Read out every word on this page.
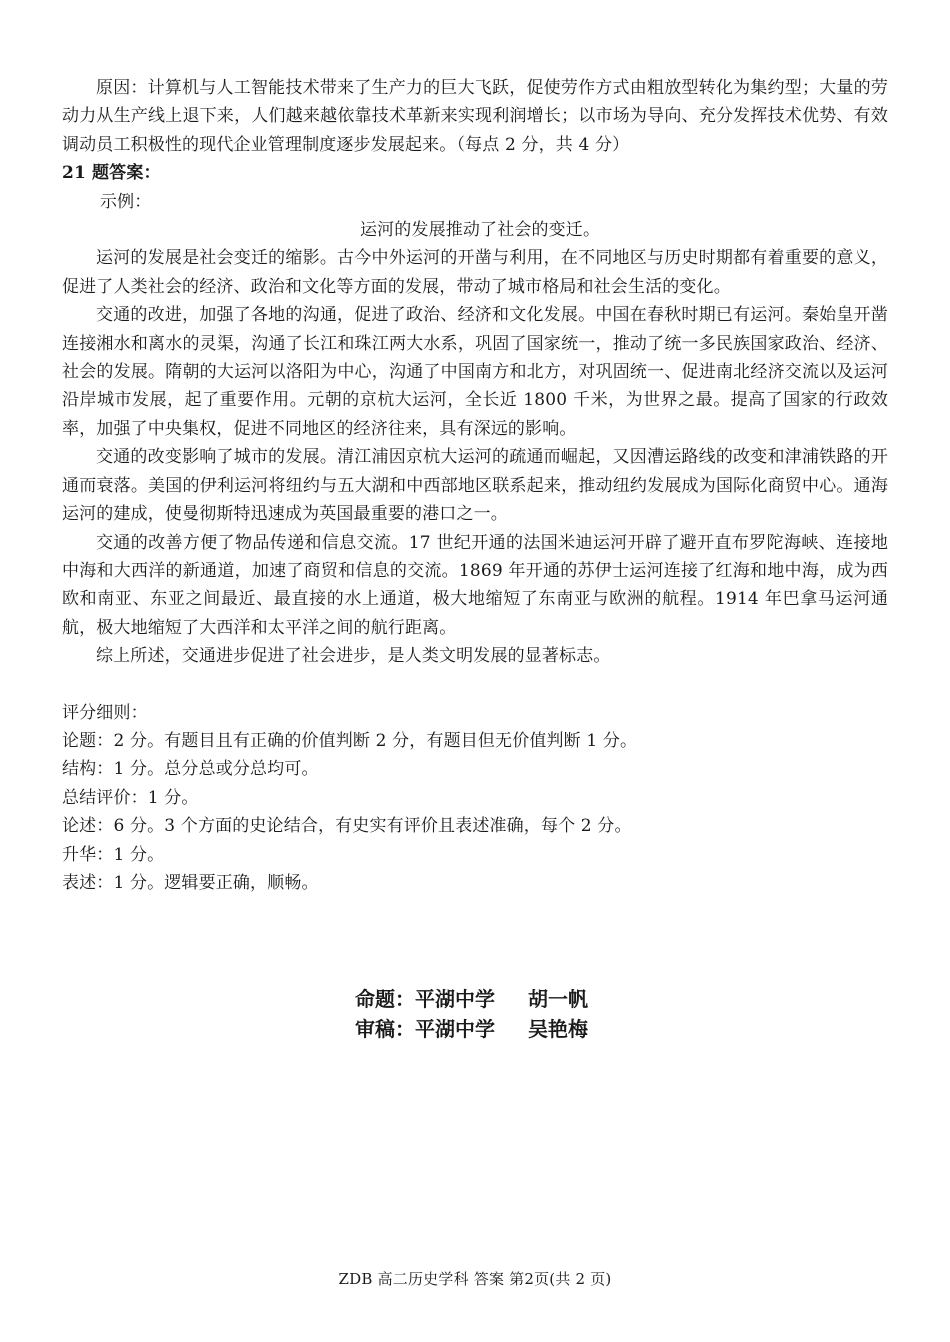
原因：计算机与人工智能技术带来了生产力的巨大飞跃，促使劳作方式由粗放型转化为集约型；大量的劳动力从生产线上退下来，人们越来越依靠技术革新来实现利润增长；以市场为导向、充分发挥技术优势、有效调动员工积极性的现代企业管理制度逐步发展起来。（每点 2 分，共 4 分）

21 题答案：

示例：

运河的发展推动了社会的变迁。

运河的发展是社会变迁的缩影。古今中外运河的开凿与利用，在不同地区与历史时期都有着重要的意义，促进了人类社会的经济、政治和文化等方面的发展，带动了城市格局和社会生活的变化。

交通的改进，加强了各地的沟通，促进了政治、经济和文化发展。中国在春秋时期已有运河。秦始皇开凿连接湘水和离水的灵渠，沟通了长江和珠江两大水系，巩固了国家统一，推动了统一多民族国家政治、经济、社会的发展。隋朝的大运河以洛阳为中心，沟通了中国南方和北方，对巩固统一、促进南北经济交流以及运河沿岸城市发展，起了重要作用。元朝的京杭大运河，全长近 1800 千米，为世界之最。提高了国家的行政效率，加强了中央集权，促进不同地区的经济往来，具有深远的影响。

交通的改变影响了城市的发展。清江浦因京杭大运河的疏通而崛起，又因漕运路线的改变和津浦铁路的开通而衰落。美国的伊利运河将纽约与五大湖和中西部地区联系起来，推动纽约发展成为国际化商贸中心。通海运河的建成，使曼彻斯特迅速成为英国最重要的港口之一。

交通的改善方便了物品传递和信息交流。17 世纪开通的法国米迪运河开辟了避开直布罗陀海峡、连接地中海和大西洋的新通道，加速了商贸和信息的交流。1869 年开通的苏伊士运河连接了红海和地中海，成为西欧和南亚、东亚之间最近、最直接的水上通道，极大地缩短了东南亚与欧洲的航程。1914 年巴拿马运河通航，极大地缩短了大西洋和太平洋之间的航行距离。

综上所述，交通进步促进了社会进步，是人类文明发展的显著标志。

评分细则：

论题：2 分。有题目且有正确的价值判断 2 分，有题目但无价值判断 1 分。

结构：1 分。总分总或分总均可。

总结评价：1 分。

论述：6 分。3 个方面的史论结合，有史实有评价且表述准确，每个 2 分。

升华：1 分。

表述：1 分。逻辑要正确，顺畅。

命题：平湖中学 胡一帆
审稿：平湖中学 吴艳梅
ZDB 高二历史学科 答案 第2页(共 2 页)
